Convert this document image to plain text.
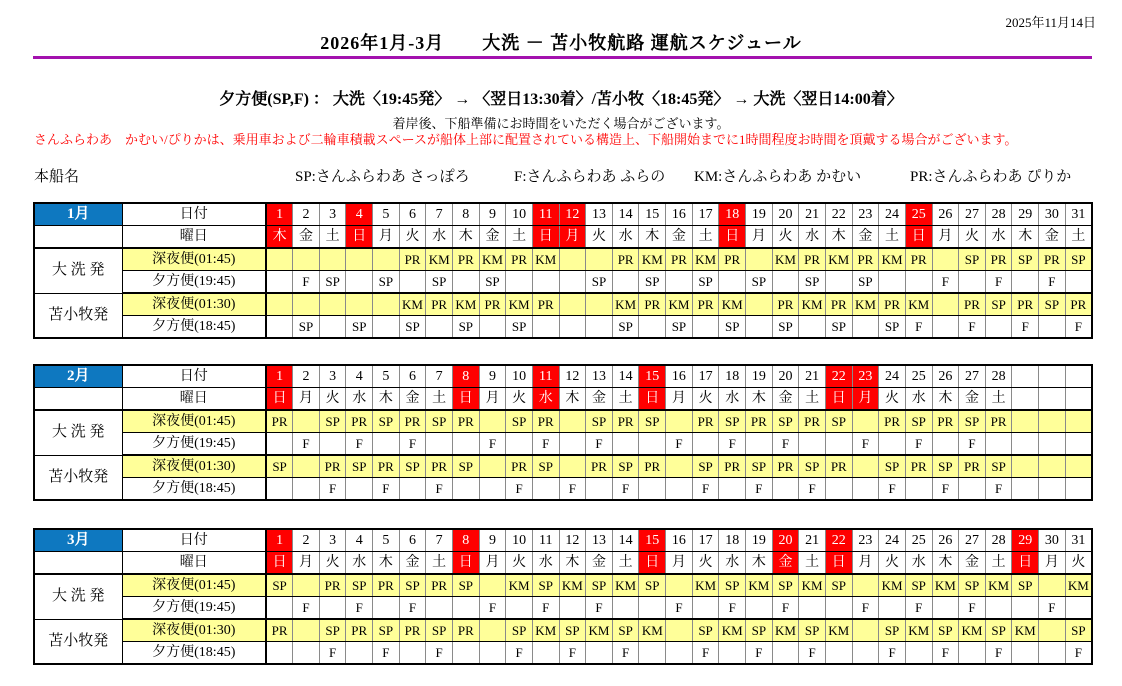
2025年11月14日
2026年1月-3月　　大洗 － 苫小牧航路 運航スケジュール
夕方便(SP,F) ： 大洗〈19:45発〉 → 〈翌日13:30着〉/苫小牧〈18:45発〉 → 大洗〈翌日14:00着〉
着岸後、下船準備にお時間をいただく場合がございます。
さんふらわあ　かむい/ぴりかは、乗用車および二輪車積載スペースが船体上部に配置されている構造上、下船開始までに1時間程度お時間を頂戴する場合がございます。
本船名	SP:さんふらわあ さっぽろ	F:さんふらわあ ふらの KM:さんふらわあ かむい	PR:さんふらわあ ぴりか
1月	日付	1	2	3	4	5	6	7	8	9	10	11	12	13	14	15	16	17	18	19	20	21	22	23	24	25	26	27	28	29	30	31
	曜日	木	金	土	日	月	火	水	木	金	土	日	月	火	水	木	金	土	日	月	火	水	木	金	土	日	月	火	水	木	金	土
大 洗 発	深夜便(01:45)						PR	KM	PR	KM	PR	KM			PR	KM	PR	KM	PR		KM	PR	KM	PR	KM	PR		SP	PR	SP	PR	SP
	夕方便(19:45)		F	SP		SP		SP		SP				SP		SP		SP		SP		SP		SP			F		F		F	
苫小牧発	深夜便(01:30)						KM	PR	KM	PR	KM	PR			KM	PR	KM	PR	KM		PR	KM	PR	KM	PR	KM		PR	SP	PR	SP	PR
	夕方便(18:45)		SP		SP		SP		SP		SP				SP		SP		SP		SP		SP		SP	F		F		F		F
2月	日付	1	2	3	4	5	6	7	8	9	10	11	12	13	14	15	16	17	18	19	20	21	22	23	24	25	26	27	28			
	曜日	日	月	火	水	木	金	土	日	月	火	水	木	金	土	日	月	火	水	木	金	土	日	月	火	水	木	金	土			
大 洗 発	深夜便(01:45)	PR		SP	PR	SP	PR	SP	PR		SP	PR		SP	PR	SP		PR	SP	PR	SP	PR	SP		PR	SP	PR	SP	PR			
	夕方便(19:45)		F		F		F			F		F		F			F		F		F			F		F		F				
苫小牧発	深夜便(01:30)	SP		PR	SP	PR	SP	PR	SP		PR	SP		PR	SP	PR		SP	PR	SP	PR	SP	PR		SP	PR	SP	PR	SP			
	夕方便(18:45)			F		F		F			F		F		F			F		F		F			F		F		F			
3月	日付	1	2	3	4	5	6	7	8	9	10	11	12	13	14	15	16	17	18	19	20	21	22	23	24	25	26	27	28	29	30	31
	曜日	日	月	火	水	木	金	土	日	月	火	水	木	金	土	日	月	火	水	木	金	土	日	月	火	水	木	金	土	日	月	火
大 洗 発	深夜便(01:45)	SP		PR	SP	PR	SP	PR	SP		KM	SP	KM	SP	KM	SP		KM	SP	KM	SP	KM	SP		KM	SP	KM	SP	KM	SP		KM
	夕方便(19:45)		F		F		F			F		F		F			F		F		F			F		F		F			F	
苫小牧発	深夜便(01:30)	PR		SP	PR	SP	PR	SP	PR		SP	KM	SP	KM	SP	KM		SP	KM	SP	KM	SP	KM		SP	KM	SP	KM	SP	KM		SP
	夕方便(18:45)			F		F		F			F		F		F			F		F		F			F		F		F			F
